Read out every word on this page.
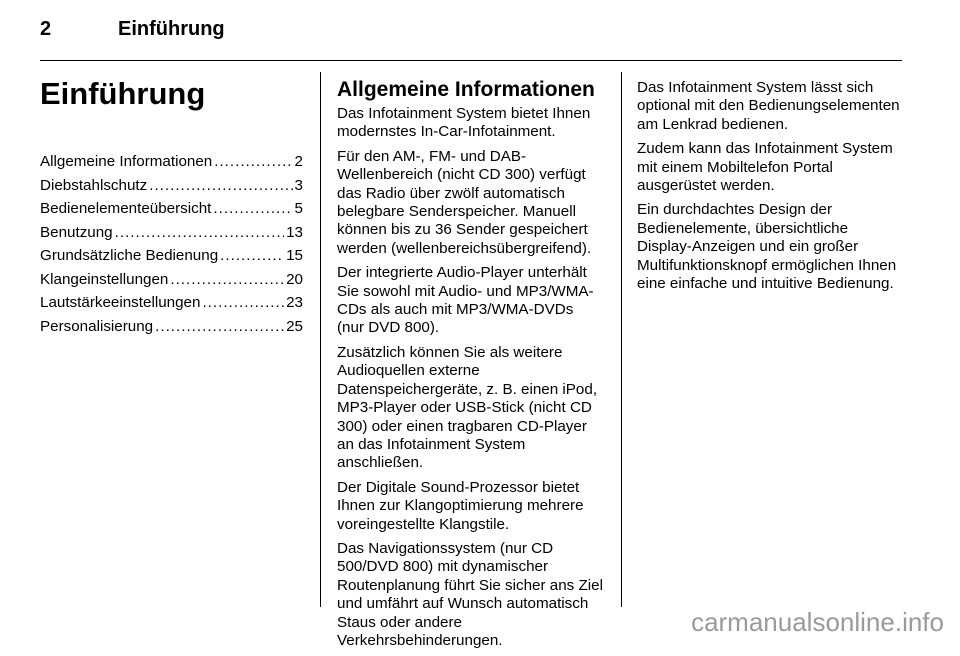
2	Einführung
Einführung
Allgemeine Informationen .....	2
Diebstahlschutz .....	3
Bedienelementeübersicht .....	5
Benutzung .....	13
Grundsätzliche Bedienung .....	15
Klangeinstellungen .....	20
Lautstärkeeinstellungen .....	23
Personalisierung .....	25
Allgemeine Informationen

Das Infotainment System bietet Ihnen modernstes In-Car-Infotainment.

Für den AM-, FM- und DAB-Wellenbereich (nicht CD 300) verfügt das Radio über zwölf automatisch belegbare Senderspeicher. Manuell können bis zu 36 Sender gespeichert werden (wellenbereichsübergreifend).

Der integrierte Audio-Player unterhält Sie sowohl mit Audio- und MP3/WMA-CDs als auch mit MP3/WMA-DVDs (nur DVD 800).

Zusätzlich können Sie als weitere Audioquellen externe Datenspeichergeräte, z. B. einen iPod, MP3-Player oder USB-Stick (nicht CD 300) oder einen tragbaren CD-Player an das Infotainment System anschließen.

Der Digitale Sound-Prozessor bietet Ihnen zur Klangoptimierung mehrere voreingestellte Klangstile.

Das Navigationssystem (nur CD 500/DVD 800) mit dynamischer Routenplanung führt Sie sicher ans Ziel und umfährt auf Wunsch automatisch Staus oder andere Verkehrsbehinderungen.

Das Infotainment System lässt sich optional mit den Bedienungselementen am Lenkrad bedienen.

Zudem kann das Infotainment System mit einem Mobiltelefon Portal ausgerüstet werden.

Ein durchdachtes Design der Bedienelemente, übersichtliche Display-Anzeigen und ein großer Multifunktionsknopf ermöglichen Ihnen eine einfache und intuitive Bedienung.

carmanualsonline.info
